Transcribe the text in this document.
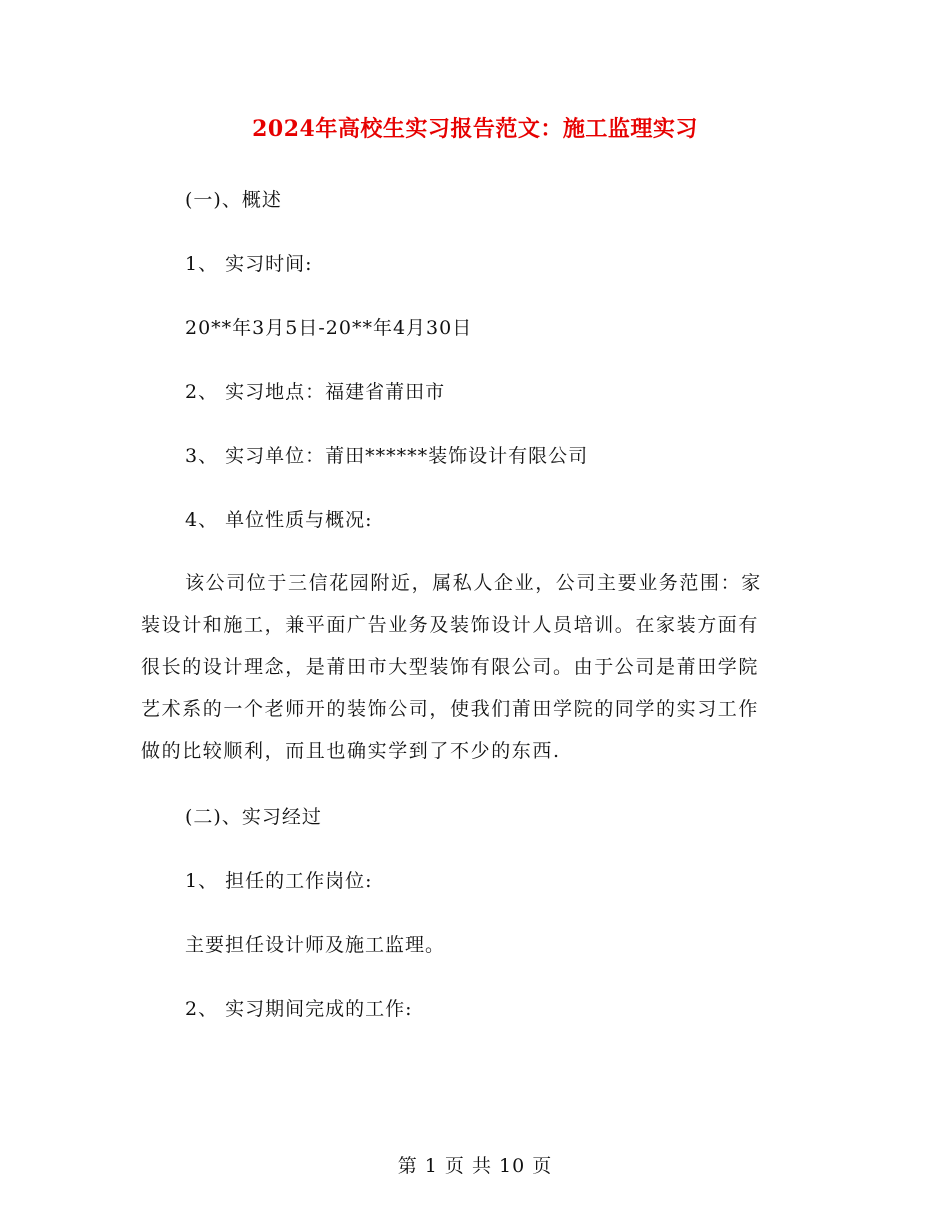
2024年高校生实习报告范文：施工监理实习
(一)、概述
1、 实习时间:
20**年3月5日-20**年4月30日
2、 实习地点：福建省莆田市
3、 实习单位：莆田******装饰设计有限公司
4、 单位性质与概况:
该公司位于三信花园附近，属私人企业，公司主要业务范围：家
装设计和施工，兼平面广告业务及装饰设计人员培训。在家装方面有
很长的设计理念，是莆田市大型装饰有限公司。由于公司是莆田学院
艺术系的一个老师开的装饰公司，使我们莆田学院的同学的实习工作
做的比较顺利，而且也确实学到了不少的东西.
(二)、实习经过
1、 担任的工作岗位:
主要担任设计师及施工监理。
2、 实习期间完成的工作:
第 1 页 共 10 页
